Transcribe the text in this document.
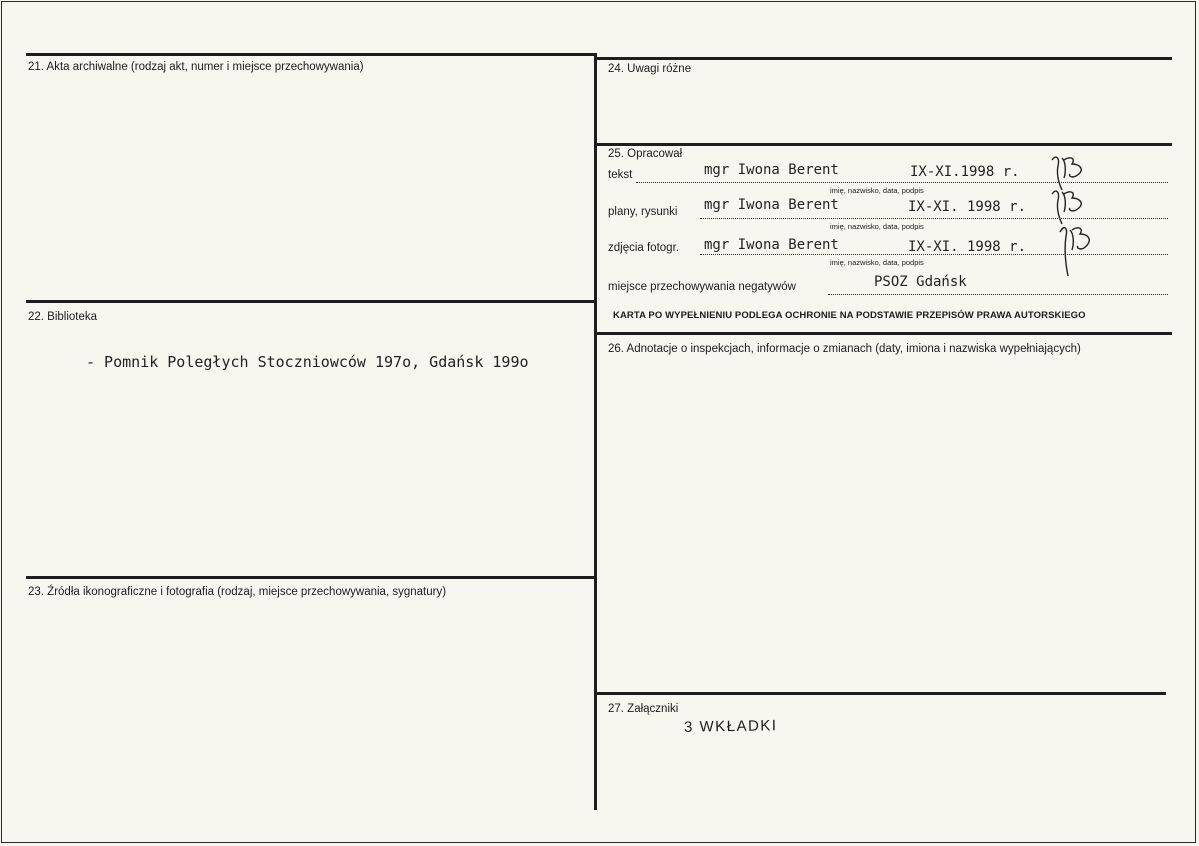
21. Akta archiwalne (rodzaj akt, numer i miejsce przechowywania)
22. Biblioteka
- Pomnik Poległych Stoczniowców 197o, Gdańsk 199o
23. Źródła ikonograficzne i fotografia (rodzaj, miejsce przechowywania, sygnatury)
24. Uwagi różne
25. Opracował
tekst	mgr Iwona Berent	IX-XI.1998 r.
imię, nazwisko, data, podpis
plany, rysunki mgr Iwona Berent	IX-XI. 1998 r.
imię, nazwisko, data, podpis
zdjęcia fotogr. mgr Iwona Berent	IX-XI. 1998 r.
imię, nazwisko, data, podpis
miejsce przechowywania negatywów	PSOZ Gdańsk
KARTA PO WYPEŁNIENIU PODLEGA OCHRONIE NA PODSTAWIE PRZEPISÓW PRAWA AUTORSKIEGO
26. Adnotacje o inspekcjach, informacje o zmianach (daty, imiona i nazwiska wypełniających)
27. Załączniki
3 WKŁADKI
